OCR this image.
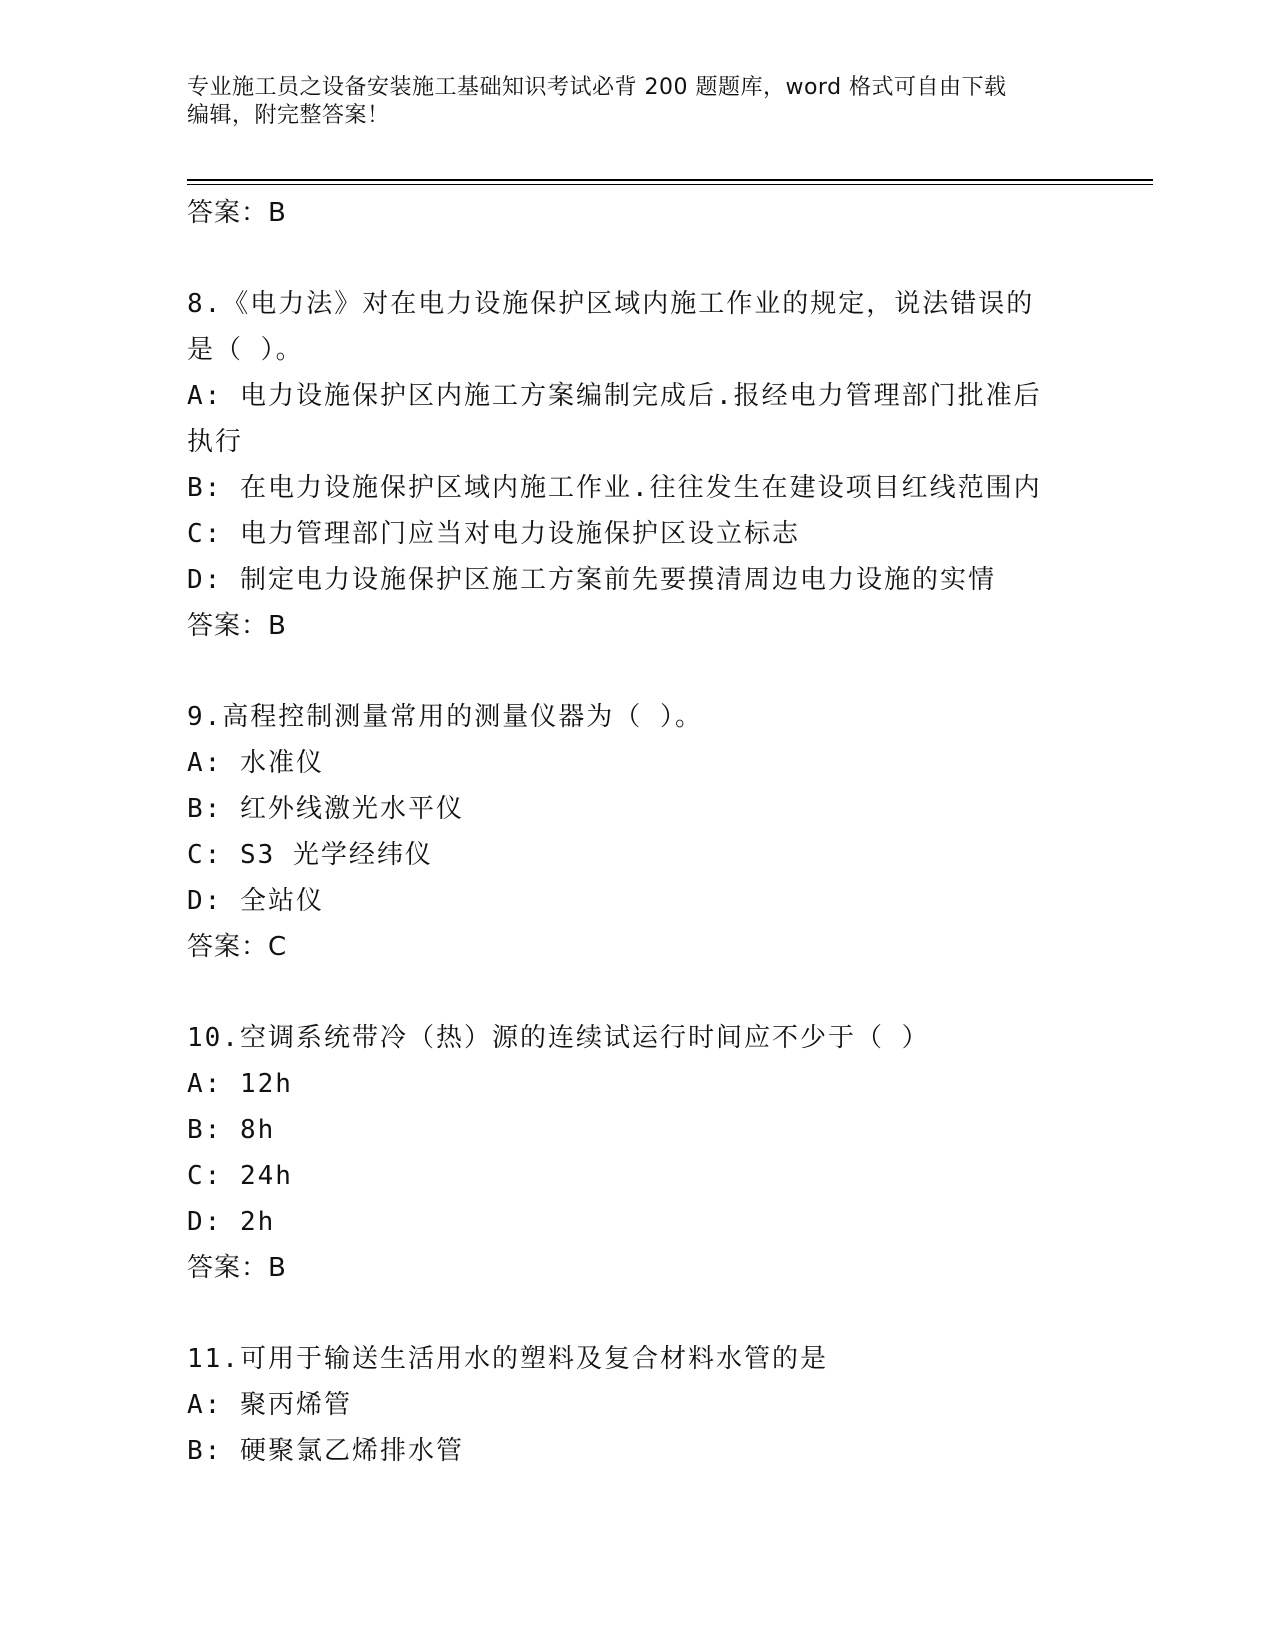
专业施工员之设备安装施工基础知识考试必背 200 题题库，word 格式可自由下载
编辑，附完整答案！
答案：B
8.《电力法》对在电力设施保护区域内施工作业的规定，说法错误的
是（ ）。
A: 电力设施保护区内施工方案编制完成后.报经电力管理部门批准后
执行
B: 在电力设施保护区域内施工作业.往往发生在建设项目红线范围内
C: 电力管理部门应当对电力设施保护区设立标志
D: 制定电力设施保护区施工方案前先要摸清周边电力设施的实情
答案：B
9.高程控制测量常用的测量仪器为（ ）。
A: 水准仪
B: 红外线激光水平仪
C: S3 光学经纬仪
D: 全站仪
答案：C
10.空调系统带冷（热）源的连续试运行时间应不少于（ ）
A: 12h
B: 8h
C: 24h
D: 2h
答案：B
11.可用于输送生活用水的塑料及复合材料水管的是
A: 聚丙烯管
B: 硬聚氯乙烯排水管
